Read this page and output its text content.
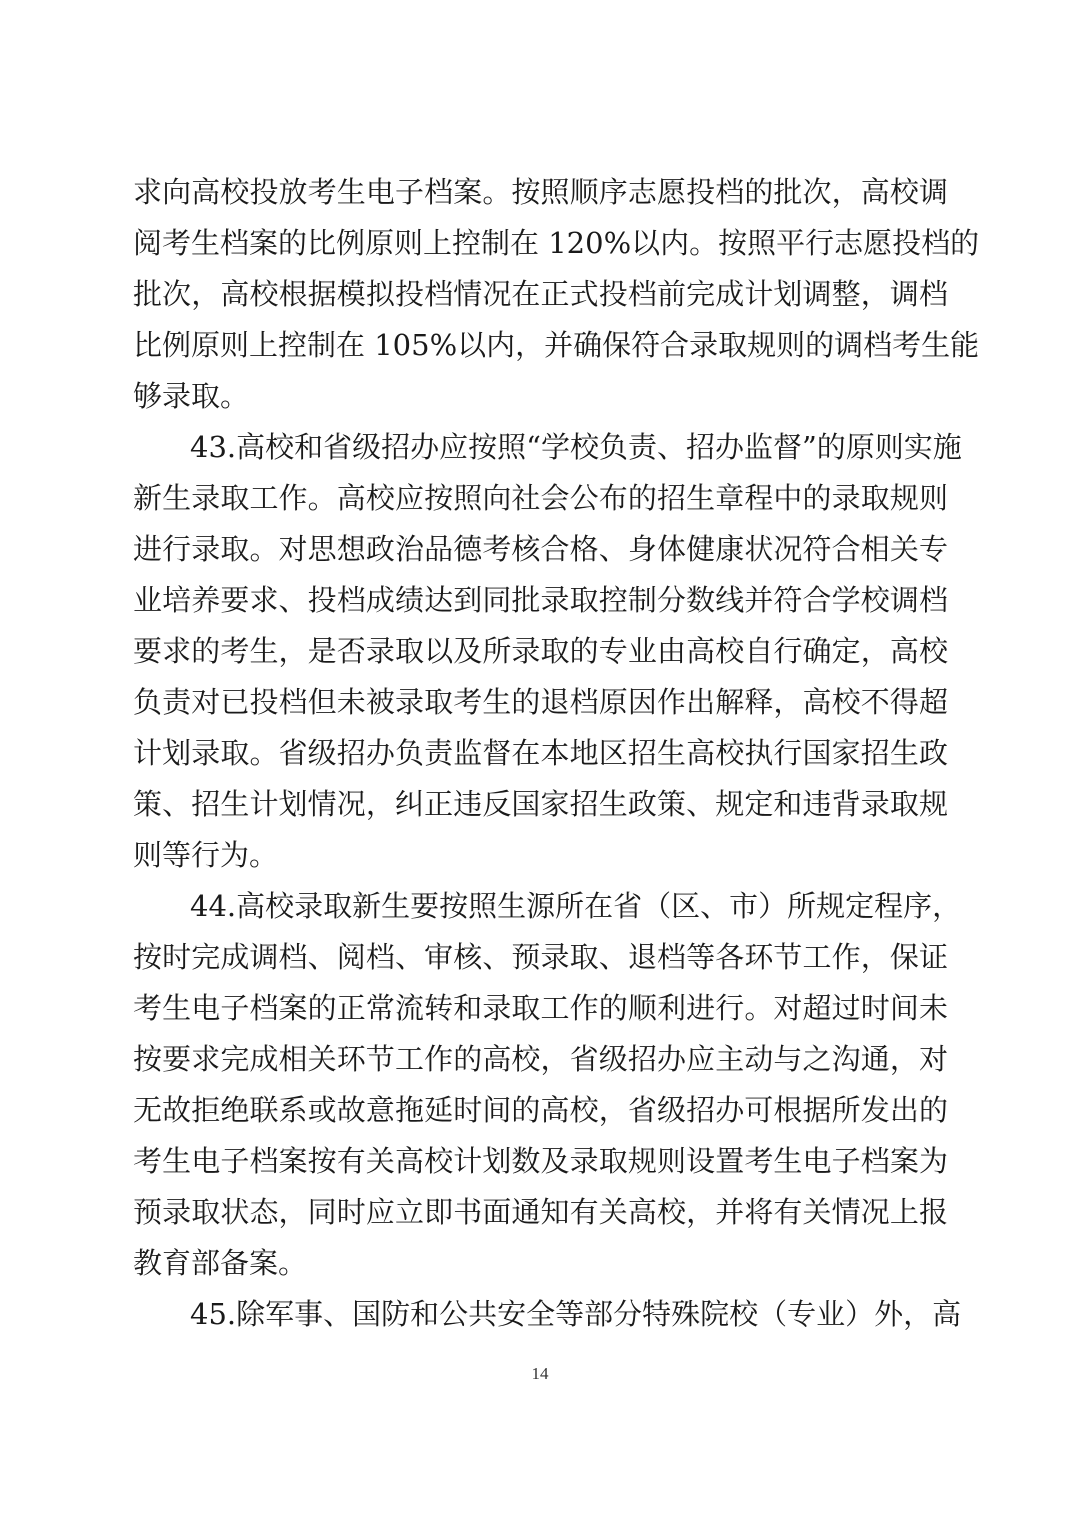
求向高校投放考生电子档案。按照顺序志愿投档的批次，高校调
阅考生档案的比例原则上控制在 120%以内。按照平行志愿投档的
批次，高校根据模拟投档情况在正式投档前完成计划调整，调档
比例原则上控制在 105%以内，并确保符合录取规则的调档考生能
够录取。
43.高校和省级招办应按照“学校负责、招办监督”的原则实施
新生录取工作。高校应按照向社会公布的招生章程中的录取规则
进行录取。对思想政治品德考核合格、身体健康状况符合相关专
业培养要求、投档成绩达到同批录取控制分数线并符合学校调档
要求的考生，是否录取以及所录取的专业由高校自行确定，高校
负责对已投档但未被录取考生的退档原因作出解释，高校不得超
计划录取。省级招办负责监督在本地区招生高校执行国家招生政
策、招生计划情况，纠正违反国家招生政策、规定和违背录取规
则等行为。
44.高校录取新生要按照生源所在省（区、市）所规定程序，
按时完成调档、阅档、审核、预录取、退档等各环节工作，保证
考生电子档案的正常流转和录取工作的顺利进行。对超过时间未
按要求完成相关环节工作的高校，省级招办应主动与之沟通，对
无故拒绝联系或故意拖延时间的高校，省级招办可根据所发出的
考生电子档案按有关高校计划数及录取规则设置考生电子档案为
预录取状态，同时应立即书面通知有关高校，并将有关情况上报
教育部备案。
45.除军事、国防和公共安全等部分特殊院校（专业）外，高
14
